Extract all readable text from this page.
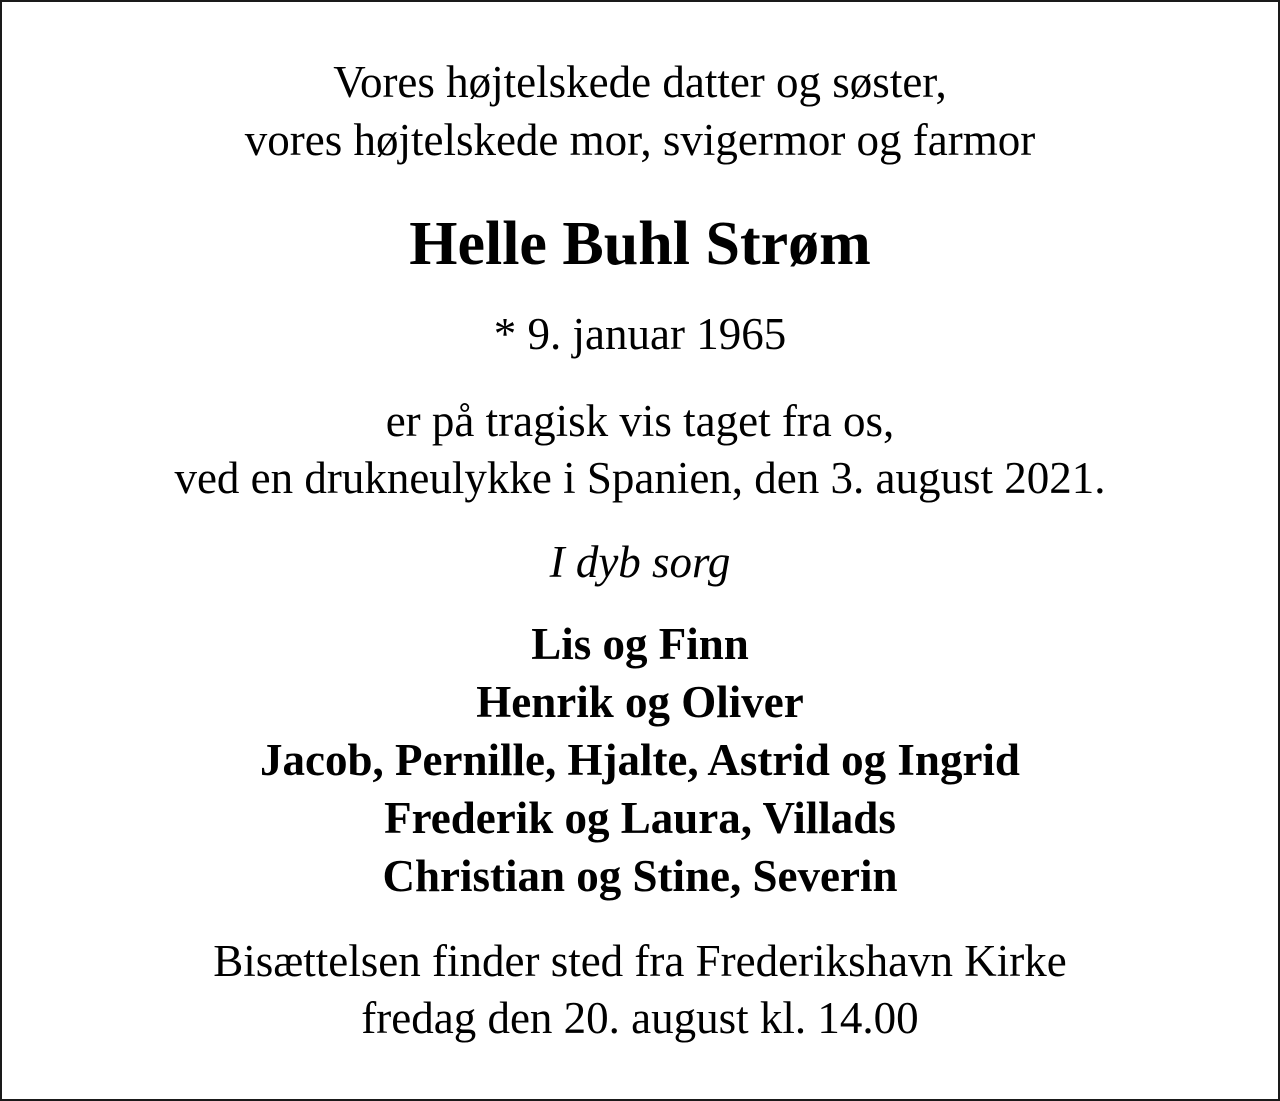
Vores højtelskede datter og søster,

vores højtelskede mor, svigermor og farmor

Helle Buhl Strøm

* 9. januar 1965

er på tragisk vis taget fra os,

ved en drukneulykke i Spanien, den 3. august 2021.

I dyb sorg

Lis og Finn

Henrik og Oliver

Jacob, Pernille, Hjalte, Astrid og Ingrid

Frederik og Laura, Villads

Christian og Stine, Severin

Bisættelsen finder sted fra Frederikshavn Kirke

fredag den 20. august kl. 14.00
